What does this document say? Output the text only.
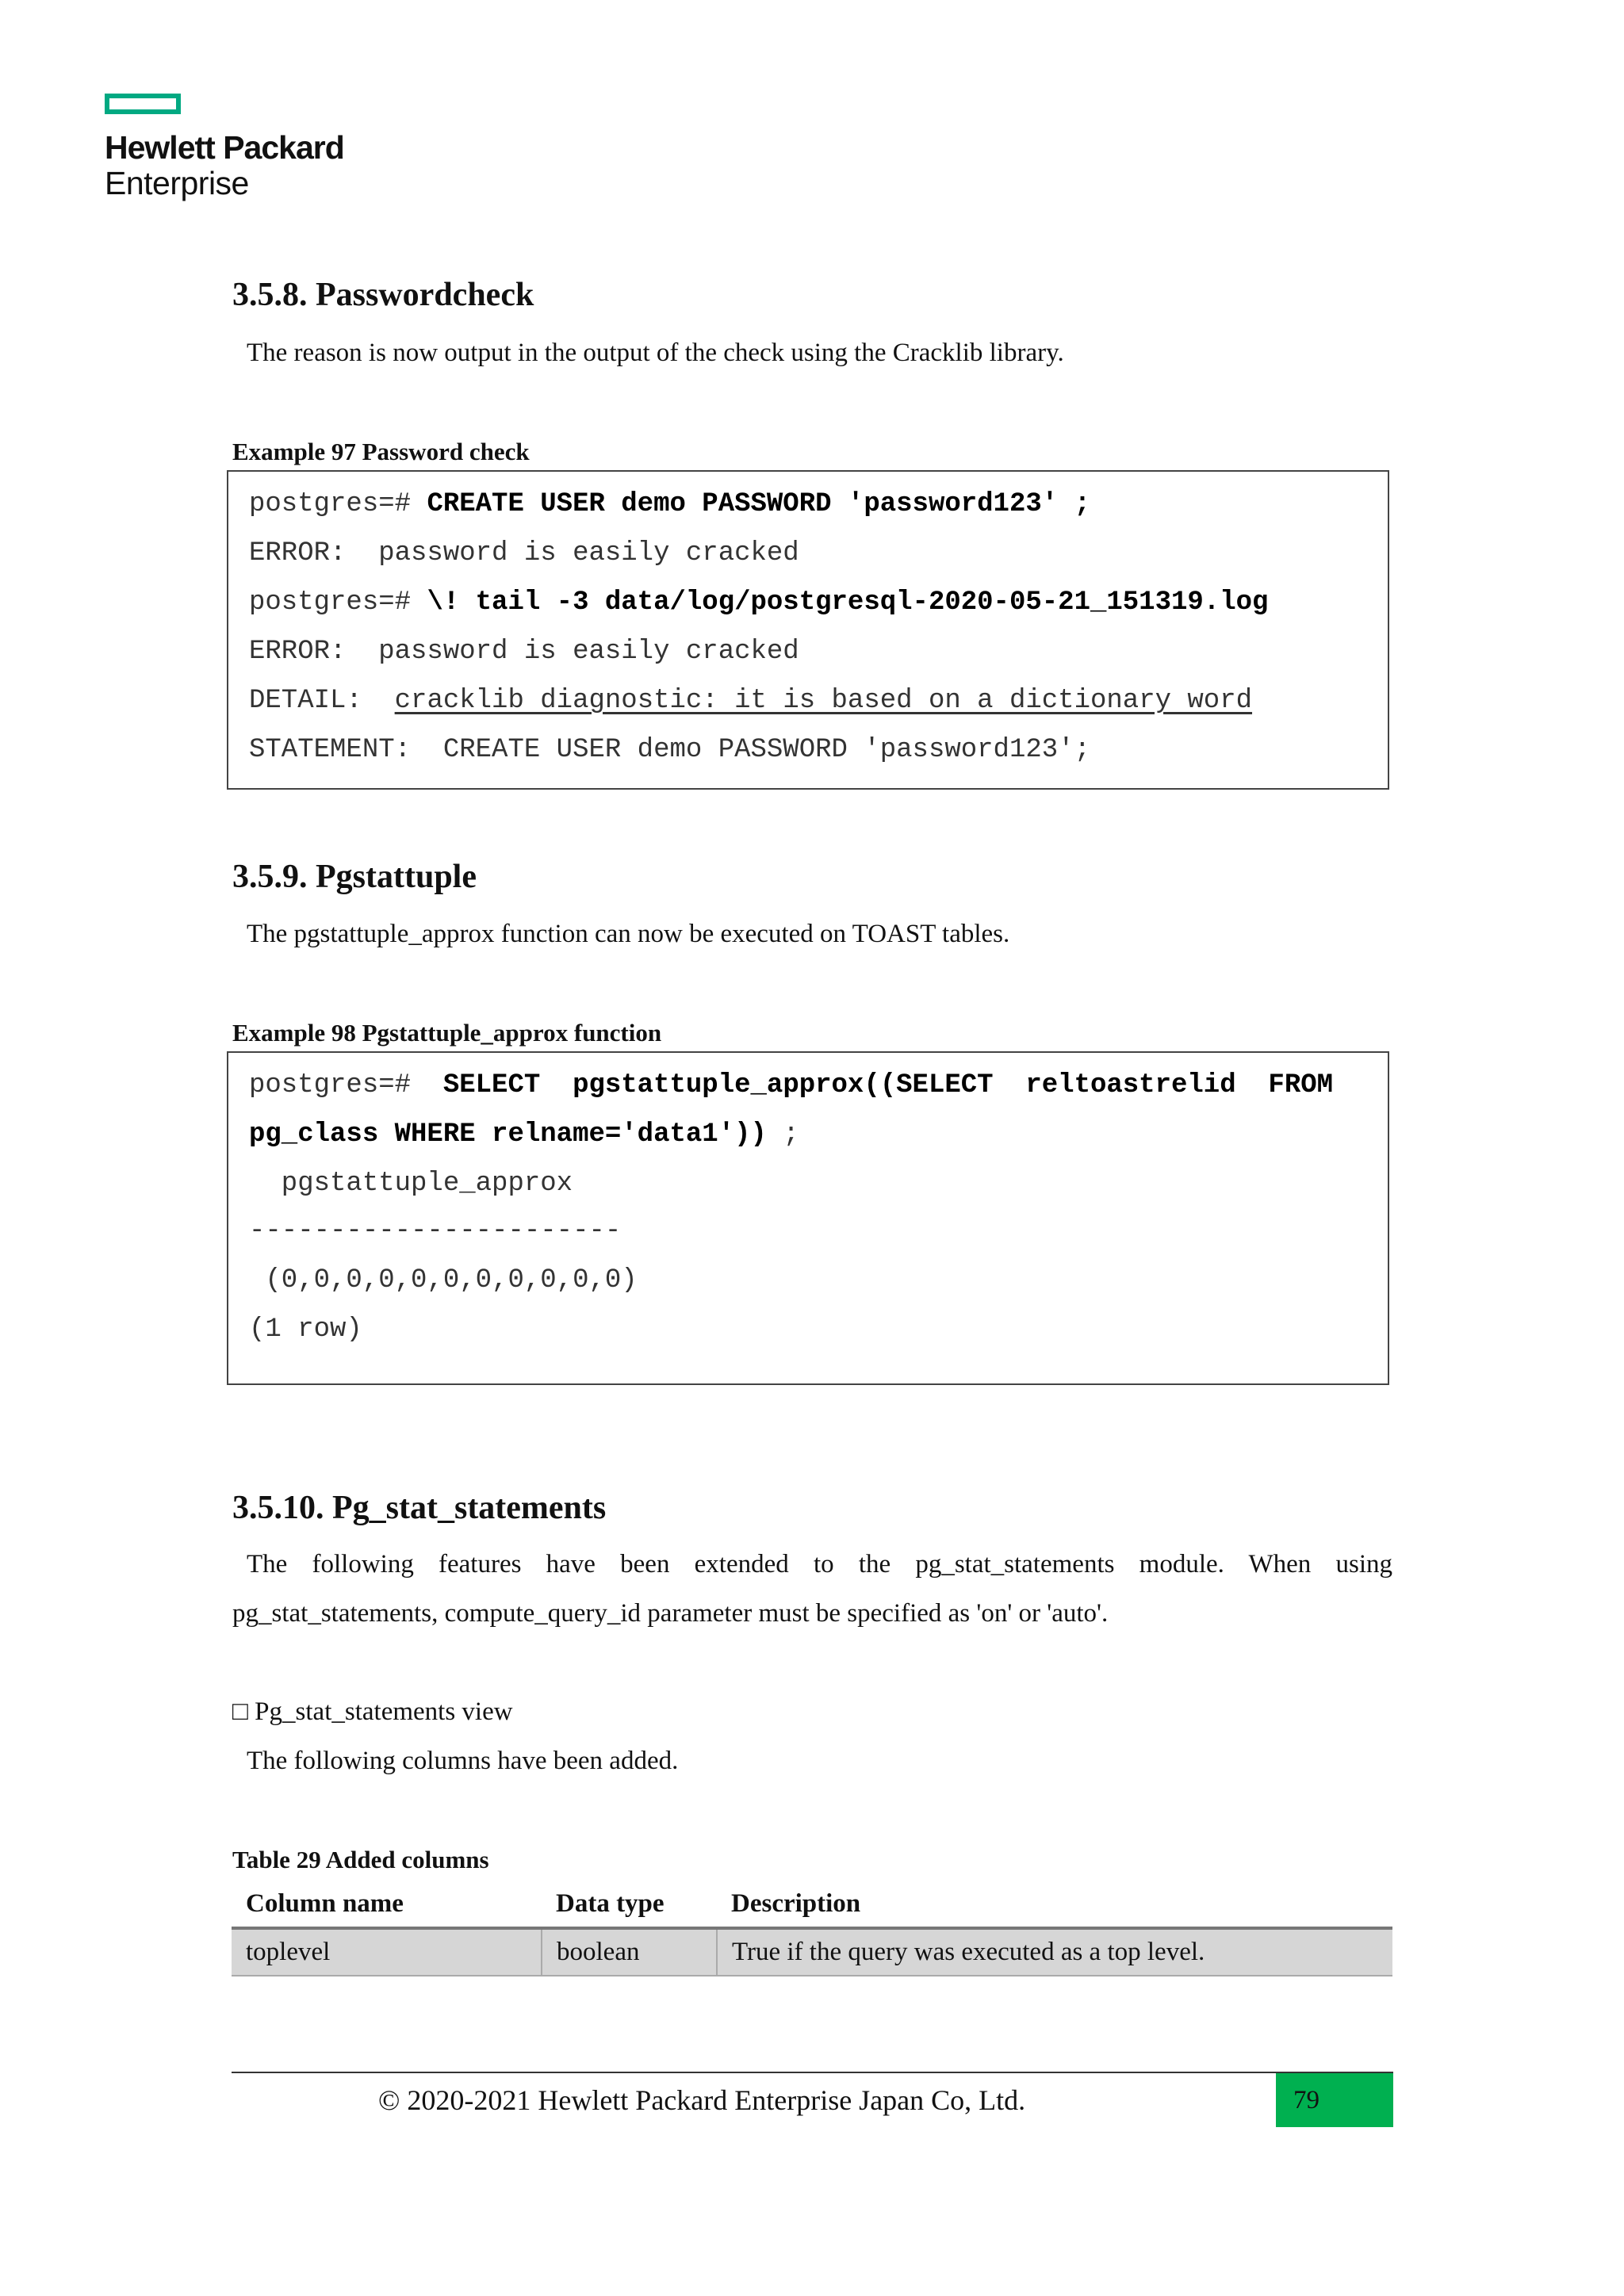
Hewlett Packard
Enterprise
3.5.8. Passwordcheck

The reason is now output in the output of the check using the Cracklib library.

Example 97 Password check

postgres=# CREATE USER demo PASSWORD 'password123' ;
ERROR:  password is easily cracked
postgres=# \! tail -3 data/log/postgresql-2020-05-21_151319.log
ERROR:  password is easily cracked
DETAIL:  cracklib diagnostic: it is based on a dictionary word
STATEMENT:  CREATE USER demo PASSWORD 'password123';
3.5.9. Pgstattuple

The pgstattuple_approx function can now be executed on TOAST tables.

Example 98 Pgstattuple_approx function

postgres=#  SELECT  pgstattuple_approx((SELECT  reltoastrelid  FROM
pg_class WHERE relname='data1')) ;
pgstattuple_approx
-----------------------
(0,0,0,0,0,0,0,0,0,0,0)
(1 row)
3.5.10. Pg_stat_statements

The following features have been extended to the pg_stat_statements module. When using

pg_stat_statements, compute_query_id parameter must be specified as 'on' or 'auto'.

□ Pg_stat_statements view

The following columns have been added.

Table 29 Added columns

Column name	Data type	Description
toplevel	boolean	True if the query was executed as a top level.

© 2020-2021 Hewlett Packard Enterprise Japan Co, Ltd.	79
